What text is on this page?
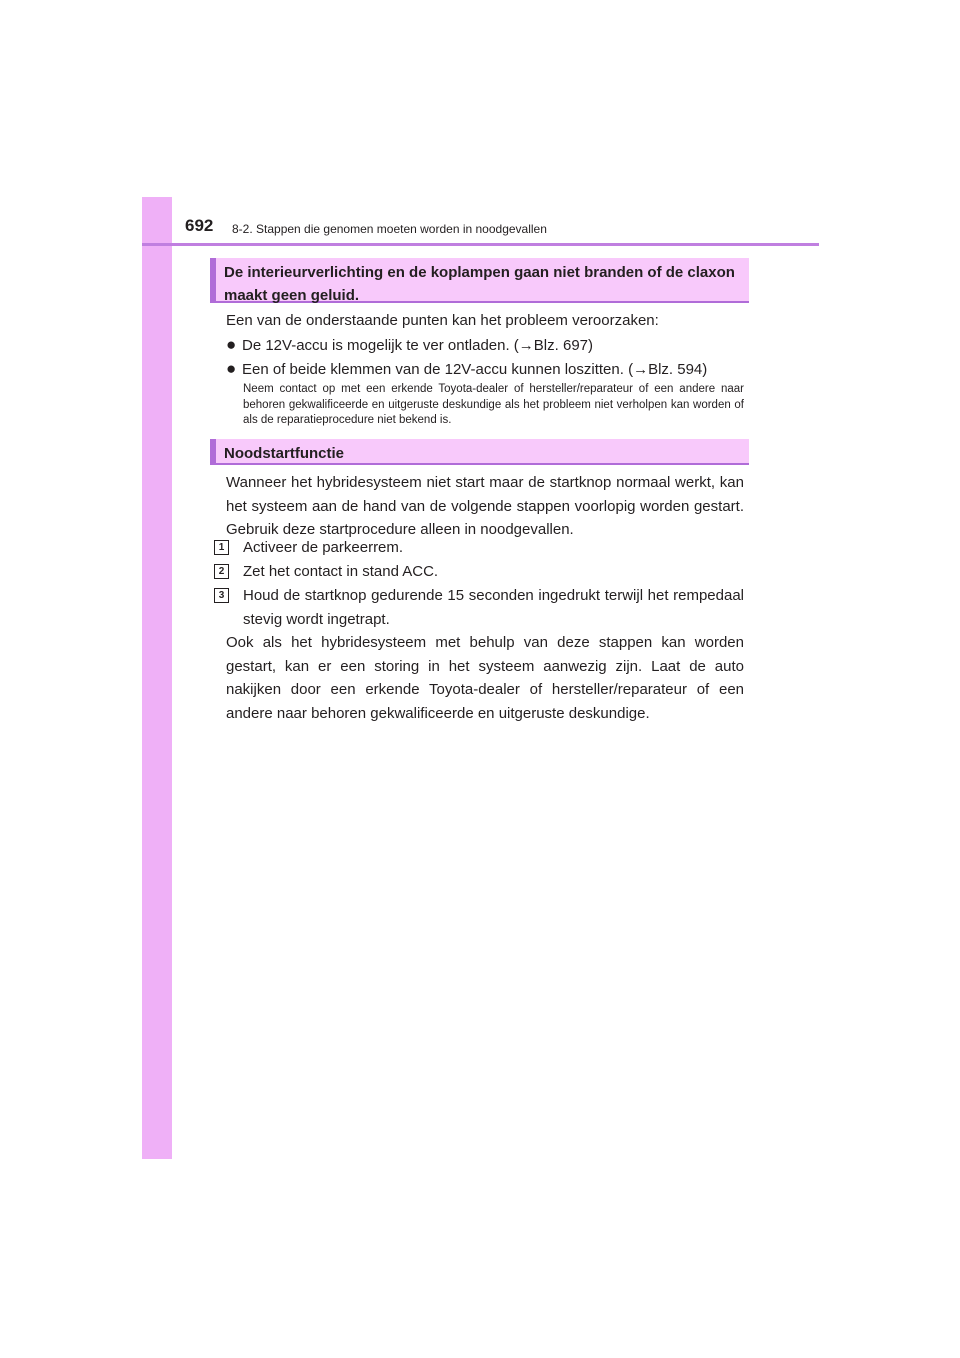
692 8-2. Stappen die genomen moeten worden in noodgevallen
De interieurverlichting en de koplampen gaan niet branden of de claxon
maakt geen geluid.

Een van de onderstaande punten kan het probleem veroorzaken:

● De 12V-accu is mogelijk te ver ontladen. (→Blz. 697)
● Een of beide klemmen van de 12V-accu kunnen loszitten. (→Blz. 594)

Neem contact op met een erkende Toyota-dealer of hersteller/reparateur of een andere naar behoren gekwalificeerde en uitgeruste deskundige als het probleem niet verholpen kan worden of als de reparatieprocedure niet bekend is.

Noodstartfunctie

Wanneer het hybridesysteem niet start maar de startknop normaal werkt, kan het systeem aan de hand van de volgende stappen voorlopig worden gestart. Gebruik deze startprocedure alleen in noodgevallen.

1	Activeer de parkeerrem.

2	Zet het contact in stand ACC.

3	Houd de startknop gedurende 15 seconden ingedrukt terwijl het rempedaal stevig wordt ingetrapt.

Ook als het hybridesysteem met behulp van deze stappen kan worden gestart, kan er een storing in het systeem aanwezig zijn. Laat de auto nakijken door een erkende Toyota-dealer of hersteller/reparateur of een andere naar behoren gekwalificeerde en uitgeruste deskundige.
